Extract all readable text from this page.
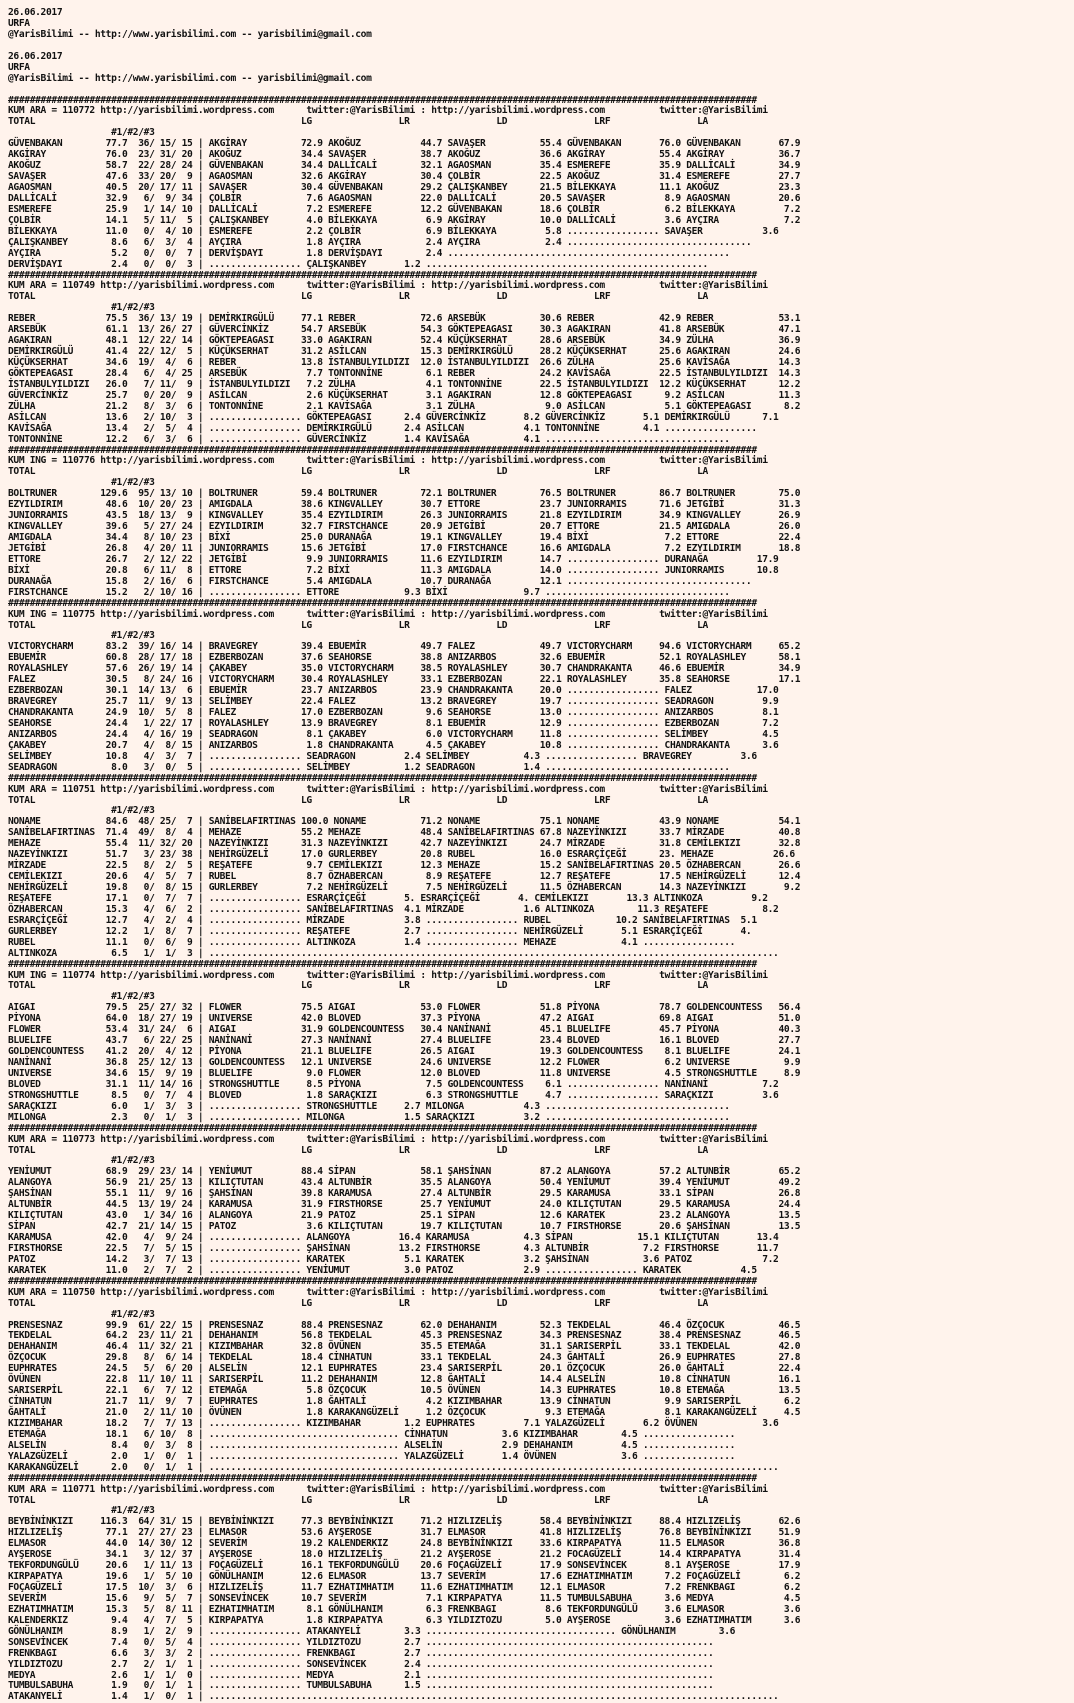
26.06.2017
URFA
@YarisBilimi -- http://www.yarisbilimi.com -- yarisbilimi@gmail.com
26.06.2017
URFA
@YarisBilimi -- http://www.yarisbilimi.com -- yarisbilimi@gmail.com
##########################################################################################################################################
KUM ARA = 110772 http://yarisbilimi.wordpress.com      twitter:@YarisBilimi : http://yarisbilimi.wordpress.com          twitter:@YarisBilimi
TOTAL                                                 LG                LR                LD                LRF                LA
#1/#2/#3
GÜVENBAKAN        77.7  36/ 15/ 15 | AKGİRAY          72.9 AKOĞUZ           44.7 SAVAŞER          55.4 GÜVENBAKAN       76.0 GÜVENBAKAN       67.9
AKGİRAY           76.0  23/ 31/ 20 | AKOĞUZ           34.4 SAVAŞER          38.7 AKOĞUZ           36.6 AKGİRAY          55.4 AKGİRAY          36.7
AKOĞUZ            58.7  22/ 28/ 24 | GÜVENBAKAN       34.4 DALLİCALİ        32.1 AGAOSMAN         35.4 ESMEREFE         35.9 DALLİCALİ        34.9
SAVAŞER           47.6  33/ 20/  9 | AGAOSMAN         32.6 AKGİRAY          30.4 ÇOLBİR           22.5 AKOĞUZ           31.4 ESMEREFE         27.7
AGAOSMAN          40.5  20/ 17/ 11 | SAVAŞER          30.4 GÜVENBAKAN       29.2 ÇALIŞKANBEY      21.5 BİLEKKAYA        11.1 AKOĞUZ           23.3
DALLİCALİ         32.9   6/  9/ 34 | ÇOLBİR            7.6 AGAOSMAN         22.0 DALLİCALİ        20.5 SAVAŞER           8.9 AGAOSMAN         20.6
ESMEREFE          25.9   1/ 14/ 10 | DALLİCALİ         7.2 ESMEREFE         12.2 GÜVENBAKAN       18.6 ÇOLBİR            6.2 BİLEKKAYA         7.2
ÇOLBİR            14.1   5/ 11/  5 | ÇALIŞKANBEY       4.0 BİLEKKAYA         6.9 AKGİRAY          10.0 DALLİCALİ         3.6 AYÇIRA            7.2
BİLEKKAYA         11.0   0/  4/ 10 | ESMEREFE          2.2 ÇOLBİR            6.9 BİLEKKAYA         5.8 ................. SAVAŞER           3.6
ÇALIŞKANBEY        8.6   6/  3/  4 | AYÇIRA            1.8 AYÇIRA            2.4 AYÇIRA            2.4 ..................................
AYÇIRA             5.2   0/  0/  7 | DERVİŞDAYI        1.8 DERVİŞDAYI        2.4 ....................................................
DERVİŞDAYI         2.4   0/  0/  3 | ................. ÇALIŞKANBEY       1.2 ....................................................
##########################################################################################################################################
KUM ARA = 110749 http://yarisbilimi.wordpress.com      twitter:@YarisBilimi : http://yarisbilimi.wordpress.com          twitter:@YarisBilimi
TOTAL                                                 LG                LR                LD                LRF                LA
#1/#2/#3
REBER             75.5  36/ 13/ 19 | DEMİRKIRGÜLÜ     77.1 REBER            72.6 ARSEBÜK          30.6 REBER            42.9 REBER            53.1
ARSEBÜK           61.1  13/ 26/ 27 | GÜVERCİNKİZ      54.7 ARSEBÜK          54.3 GÖKTEPEAGASI     30.3 AGAKIRAN         41.8 ARSEBÜK          47.1
AGAKIRAN          48.1  12/ 22/ 14 | GÖKTEPEAGASI     33.0 AGAKIRAN         52.4 KÜÇÜKSERHAT      28.6 ARSEBÜK          34.9 ZÜLHA            36.9
DEMİRKIRGÜLÜ      41.4  22/ 12/  5 | KÜÇÜKSERHAT      31.2 ASİLCAN          15.3 DEMİRKIRGÜLÜ     28.2 KÜÇÜKSERHAT      25.6 AGAKIRAN         24.6
KÜÇÜKSERHAT       34.6  19/  4/  6 | REBER            13.8 İSTANBULYILDIZI  12.0 İSTANBULYILDIZI  26.6 ZÜLHA            25.6 KAVİSAĞA         14.3
GÖKTEPEAGASI      28.4   6/  4/ 25 | ARSEBÜK           7.7 TONTONNİNE        6.1 REBER            24.2 KAVİSAĞA         22.5 İSTANBULYILDIZI  14.3
İSTANBULYILDIZI   26.0   7/ 11/  9 | İSTANBULYILDIZI   7.2 ZÜLHA             4.1 TONTONNİNE       22.5 İSTANBULYILDIZI  12.2 KÜÇÜKSERHAT      12.2
GÜVERCİNKİZ       25.7   0/ 20/  9 | ASİLCAN           2.6 KÜÇÜKSERHAT       3.1 AGAKIRAN         12.8 GÖKTEPEAGASI      9.2 ASİLCAN          11.3
ZÜLHA             21.2   8/  3/  6 | TONTONNİNE        2.1 KAVİSAĞA          3.1 ZÜLHA             9.0 ASİLCAN           5.1 GÖKTEPEAGASI      8.2
ASİLCAN           13.6   2/ 10/  3 | ................. GÖKTEPEAGASI      2.4 GÜVERCİNKİZ       8.2 GÜVERCİNKİZ       5.1 DEMİRKIRGÜLÜ      7.1
KAVİSAĞA          13.4   2/  5/  4 | ................. DEMİRKIRGÜLÜ      2.4 ASİLCAN           4.1 TONTONNİNE        4.1 .................
TONTONNİNE        12.2   6/  3/  6 | ................. GÜVERCİNKİZ       1.4 KAVİSAĞA          4.1 ..................................
##########################################################################################################################################
KUM ING = 110776 http://yarisbilimi.wordpress.com      twitter:@YarisBilimi : http://yarisbilimi.wordpress.com          twitter:@YarisBilimi
TOTAL                                                 LG                LR                LD                LRF                LA
#1/#2/#3
BOLTRUNER        129.6  95/ 13/ 10 | BOLTRUNER        59.4 BOLTRUNER        72.1 BOLTRUNER        76.5 BOLTRUNER        86.7 BOLTRUNER        75.0
EZYILDIRIM        48.6  10/ 20/ 23 | AMIGDALA         38.6 KINGVALLEY       30.7 ETTORE           23.7 JUNIORRAMIS      71.6 JETGİBİ          31.3
JUNIORRAMIS       43.5  18/ 13/  9 | KINGVALLEY       35.4 EZYILDIRIM       26.3 JUNIORRAMIS      21.8 EZYILDIRIM       34.9 KINGVALLEY       26.9
KINGVALLEY        39.6   5/ 27/ 24 | EZYILDIRIM       32.7 FIRSTCHANCE      20.9 JETGİBİ          20.7 ETTORE           21.5 AMIGDALA         26.0
AMIGDALA          34.4   8/ 10/ 23 | BİXİ             25.0 DURANAĞA         19.1 KINGVALLEY       19.4 BİXİ              7.2 ETTORE           22.4
JETGİBİ           26.8   4/ 20/ 11 | JUNIORRAMIS      15.6 JETGİBİ          17.0 FIRSTCHANCE      16.6 AMIGDALA          7.2 EZYILDIRIM       18.8
ETTORE            26.7   2/ 12/ 22 | JETGİBİ           9.9 JUNIORRAMIS      11.6 EZYILDIRIM       14.7 ................. DURANAĞA         17.9
BİXİ              20.8   6/ 11/  8 | ETTORE            7.2 BİXİ             11.3 AMIGDALA         14.0 ................. JUNIORRAMIS      10.8
DURANAĞA          15.8   2/ 16/  6 | FIRSTCHANCE       5.4 AMIGDALA         10.7 DURANAĞA         12.1 ..................................
FIRSTCHANCE       15.2   2/ 10/ 16 | ................. ETTORE            9.3 BİXİ              9.7 ..................................
##########################################################################################################################################
KUM ING = 110775 http://yarisbilimi.wordpress.com      twitter:@YarisBilimi : http://yarisbilimi.wordpress.com          twitter:@YarisBilimi
TOTAL                                                 LG                LR                LD                LRF                LA
#1/#2/#3
VICTORYCHARM      83.2  39/ 16/ 14 | BRAVEGREY        39.4 EBUEMİR          49.7 FALEZ            49.7 VICTORYCHARM     94.6 VICTORYCHARM     65.2
EBUEMİR           60.8  28/ 17/ 18 | EZBERBOZAN       37.6 SEAHORSE         38.8 ANIZARBOS        32.6 EBUEMİR          52.1 ROYALASHLEY      58.1
ROYALASHLEY       57.6  26/ 19/ 14 | ÇAKABEY          35.0 VICTORYCHARM     38.5 ROYALASHLEY      30.7 CHANDRAKANTA     46.6 EBUEMİR          34.9
FALEZ             30.5   8/ 24/ 16 | VICTORYCHARM     30.4 ROYALASHLEY      33.1 EZBERBOZAN       22.1 ROYALASHLEY      35.8 SEAHORSE         17.1
EZBERBOZAN        30.1  14/ 13/  6 | EBUEMİR          23.7 ANIZARBOS        23.9 CHANDRAKANTA     20.0 ................. FALEZ            17.0
BRAVEGREY         25.7  11/  9/ 13 | SELİMBEY         22.4 FALEZ            13.2 BRAVEGREY        19.7 ................. SEADRAGON         9.9
CHANDRAKANTA      24.9  10/  5/  8 | FALEZ            17.0 EZBERBOZAN        9.6 SEAHORSE         13.0 ................. ANIZARBOS         8.1
SEAHORSE          24.4   1/ 22/ 17 | ROYALASHLEY      13.9 BRAVEGREY         8.1 EBUEMİR          12.9 ................. EZBERBOZAN        7.2
ANIZARBOS         24.4   4/ 16/ 19 | SEADRAGON         8.1 ÇAKABEY           6.0 VICTORYCHARM     11.8 ................. SELİMBEY          4.5
ÇAKABEY           20.7   4/  8/ 15 | ANIZARBOS         1.8 CHANDRAKANTA      4.5 ÇAKABEY          10.8 ................. CHANDRAKANTA      3.6
SELİMBEY          10.8   4/  3/  7 | ................. SEADRAGON         2.4 SELİMBEY          4.3 ................. BRAVEGREY         3.6
SEADRAGON          8.0   3/  0/  5 | ................. SELİMBEY          1.2 SEADRAGON         1.4 ..................................
##########################################################################################################################################
KUM ARA = 110751 http://yarisbilimi.wordpress.com      twitter:@YarisBilimi : http://yarisbilimi.wordpress.com          twitter:@YarisBilimi
TOTAL                                                 LG                LR                LD                LRF                LA
#1/#2/#3
NONAME            84.6  48/ 25/  7 | SANİBELAFIRTINAS 100.0 NONAME          71.2 NONAME           75.1 NONAME           43.9 NONAME           54.1
SANİBELAFIRTINAS  71.4  49/  8/  4 | MEHAZE           55.2 MEHAZE           48.4 SANİBELAFIRTINAS 67.8 NAZEYİNKIZI      33.7 MİRZADE          40.8
MEHAZE            55.4  11/ 32/ 20 | NAZEYİNKIZI      31.3 NAZEYİNKIZI      42.7 NAZEYİNKIZI      24.7 MİRZADE          31.8 CEMİLEKIZI       32.8
NAZEYİNKIZI       51.7   3/ 23/ 38 | NEHİRGÜZELİ      17.0 GURLERBEY        20.8 RUBEL            16.0 ESRARÇİÇEĞİ      23. MEHAZE           26.6
MİRZADE           22.5   8/  2/  5 | REŞATEFE          9.7 CEMİLEKIZI       12.3 MEHAZE           15.2 SANİBELAFIRTINAS 20.5 ÖZHABERCAN       26.6
CEMİLEKIZI        20.6   4/  5/  7 | RUBEL             8.7 ÖZHABERCAN        8.9 REŞATEFE         12.7 REŞATEFE         17.5 NEHİRGÜZELİ      12.4
NEHİRGÜZELİ       19.8   0/  8/ 15 | GURLERBEY         7.2 NEHİRGÜZELİ       7.5 NEHİRGÜZELİ      11.5 ÖZHABERCAN       14.3 NAZEYİNKIZI       9.2
REŞATEFE          17.1   0/  7/  7 | ................. ESRARÇİÇEĞİ       5. ESRARÇİÇEĞİ       4. CEMİLEKIZI       13.3 ALTINKOZA         9.2
ÖZHABERCAN        15.3   4/  6/  2 | ................. SANİBELAFIRTINAS  4.1 MİRZADE           1.6 ALTINKOZA        11.3 REŞATEFE          8.2
ESRARÇİÇEĞİ       12.7   4/  2/  4 | ................. MİRZADE           3.8 ................. RUBEL            10.2 SANİBELAFIRTINAS  5.1
GURLERBEY         12.2   1/  8/  7 | ................. REŞATEFE          2.7 ................. NEHİRGÜZELİ       5.1 ESRARÇİÇEĞİ       4.
RUBEL             11.1   0/  6/  9 | ................. ALTINKOZA         1.4 ................. MEHAZE            4.1 .................
ALTINKOZA          6.5   1/  1/  3 | .........................................................................................................
##########################################################################################################################################
KUM ING = 110774 http://yarisbilimi.wordpress.com      twitter:@YarisBilimi : http://yarisbilimi.wordpress.com          twitter:@YarisBilimi
TOTAL                                                 LG                LR                LD                LRF                LA
#1/#2/#3
AIGAI             79.5  25/ 27/ 32 | FLOWER           75.5 AIGAI            53.0 FLOWER           51.8 PİYONA           78.7 GOLDENCOUNTESS   56.4
PİYONA            64.0  18/ 27/ 19 | UNIVERSE         42.0 BLOVED           37.3 PİYONA           47.2 AIGAI            69.8 AIGAI            51.0
FLOWER            53.4  31/ 24/  6 | AIGAI            31.9 GOLDENCOUNTESS   30.4 NANİNANİ         45.1 BLUELIFE         45.7 PİYONA           40.3
BLUELIFE          43.7   6/ 22/ 25 | NANİNANİ         27.3 NANİNANİ         27.4 BLUELIFE         23.4 BLOVED           16.1 BLOVED           27.7
GOLDENCOUNTESS    41.2  20/  4/ 12 | PİYONA           21.1 BLUELIFE         26.5 AIGAI            19.3 GOLDENCOUNTESS    8.1 BLUELIFE         24.1
NANİNANİ          36.8  25/ 12/ 13 | GOLDENCOUNTESS   12.1 UNIVERSE         24.6 UNIVERSE         12.2 FLOWER            6.2 UNIVERSE          9.9
UNIVERSE          34.6  15/  9/ 19 | BLUELIFE          9.0 FLOWER           12.0 BLOVED           11.8 UNIVERSE          4.5 STRONGSHUTTLE     8.9
BLOVED            31.1  11/ 14/ 16 | STRONGSHUTTLE     8.5 PİYONA            7.5 GOLDENCOUNTESS    6.1 ................. NANİNANİ          7.2
STRONGSHUTTLE      8.5   0/  7/  4 | BLOVED            1.8 SARAÇKIZI         6.3 STRONGSHUTTLE     4.7 ................. SARAÇKIZI         3.6
SARAÇKIZI          6.0   1/  3/  3 | ................. STRONGSHUTTLE     2.7 MILONGA           4.3 ..................................
MILONGA            2.3   0/  1/  3 | ................. MILONGA           1.5 SARAÇKIZI         3.2 ..................................
##########################################################################################################################################
KUM ARA = 110773 http://yarisbilimi.wordpress.com      twitter:@YarisBilimi : http://yarisbilimi.wordpress.com          twitter:@YarisBilimi
TOTAL                                                 LG                LR                LD                LRF                LA
#1/#2/#3
YENİUMUT          68.9  29/ 23/ 14 | YENİUMUT         88.4 SİPAN            58.1 ŞAHSİNAN         87.2 ALANGOYA         57.2 ALTUNBİR         65.2
ALANGOYA          56.9  21/ 25/ 13 | KILIÇTUTAN       43.4 ALTUNBİR         35.5 ALANGOYA         50.4 YENİUMUT         39.4 YENİUMUT         49.2
ŞAHSİNAN          55.1  11/  9/ 16 | ŞAHSİNAN         39.8 KARAMUSA         27.4 ALTUNBİR         29.5 KARAMUSA         33.1 SİPAN            26.8
ALTUNBİR          44.5  13/ 19/ 24 | KARAMUSA         31.9 FIRSTHORSE       25.7 YENİUMUT         24.0 KILIÇTUTAN       29.5 KARAMUSA         24.4
KILIÇTUTAN        43.0   1/ 34/ 16 | ALANGOYA         21.9 PATOZ            25.1 SİPAN            12.6 KARATEK          23.2 ALANGOYA         13.5
SİPAN             42.7  21/ 14/ 15 | PATOZ             3.6 KILIÇTUTAN       19.7 KILIÇTUTAN       10.7 FIRSTHORSE       20.6 ŞAHSİNAN         13.5
KARAMUSA          42.0   4/  9/ 24 | ................. ALANGOYA         16.4 KARAMUSA          4.3 SİPAN            15.1 KILIÇTUTAN       13.4
FIRSTHORSE        22.5   7/  5/ 15 | ................. ŞAHSİNAN         13.2 FIRSTHORSE        4.3 ALTUNBİR          7.2 FIRSTHORSE       11.7
PATOZ             14.2   3/  7/ 13 | ................. KARATEK           5.1 KARATEK           3.2 ŞAHSİNAN          3.6 PATOZ             7.2
KARATEK           11.0   2/  7/  2 | ................. YENİUMUT          3.0 PATOZ             2.9 ................. KARATEK           4.5
##########################################################################################################################################
KUM ARA = 110750 http://yarisbilimi.wordpress.com      twitter:@YarisBilimi : http://yarisbilimi.wordpress.com          twitter:@YarisBilimi
TOTAL                                                 LG                LR                LD                LRF                LA
#1/#2/#3
PRENSESNAZ        99.9  61/ 22/ 15 | PRENSESNAZ       88.4 PRENSESNAZ       62.0 DEHAHANIM        52.3 TEKDELAL         46.4 ÖZÇOCUK          46.5
TEKDELAL          64.2  23/ 11/ 21 | DEHAHANIM        56.8 TEKDELAL         45.3 PRENSESNAZ       34.3 PRENSESNAZ       38.4 PRENSESNAZ       46.5
DEHAHANIM         46.4  11/ 32/ 21 | KIZIMBAHAR       32.8 ÖVÜNEN           35.5 ETEMAĞA          31.1 SARISERPİL       33.1 TEKDELAL         42.0
ÖZÇOCUK           29.8   8/  6/ 14 | TEKDELAL         18.4 CİNHATUN         33.1 TEKDELAL         24.3 ĞAHTALİ          26.9 EUPHRATES        27.8
EUPHRATES         24.5   5/  6/ 20 | ALSELİN          12.1 EUPHRATES        23.4 SARISERPİL       20.1 ÖZÇOCUK          26.0 ĞAHTALİ          22.4
ÖVÜNEN            22.8  11/ 10/ 11 | SARISERPİL       11.2 DEHAHANIM        12.8 ĞAHTALİ          14.4 ALSELİN          10.8 CİNHATUN         16.1
SARISERPİL        22.1   6/  7/ 12 | ETEMAĞA           5.8 ÖZÇOCUK          10.5 ÖVÜNEN           14.3 EUPHRATES        10.8 ETEMAĞA          13.5
CİNHATUN          21.7  11/  9/  7 | EUPHRATES         1.8 ĞAHTALİ           4.2 KIZIMBAHAR       13.9 CİNHATUN          9.9 SARISERPİL        6.2
ĞAHTALİ           21.0   2/ 11/ 10 | ÖVÜNEN            1.8 KARAKANGÜZELİ     1.2 ÖZÇOCUK           9.3 ETEMAĞA           8.1 KARAKANGÜZELİ     4.5
KIZIMBAHAR        18.2   7/  7/ 13 | ................. KIZIMBAHAR        1.2 EUPHRATES         7.1 YALAZGÜZELİ       6.2 ÖVÜNEN            3.6
ETEMAĞA           18.1   6/ 10/  8 | ................................... CİNHATUN          3.6 KIZIMBAHAR        4.5 .................
ALSELİN            8.4   0/  3/  8 | ................................... ALSELİN           2.9 DEHAHANIM         4.5 .................
YALAZGÜZELİ        2.0   1/  0/  1 | ................................... YALAZGÜZELİ       1.4 ÖVÜNEN            3.6 .................
KARAKANGÜZELİ      2.0   0/  1/  1 | .........................................................................................................
##########################################################################################################################################
KUM ARA = 110771 http://yarisbilimi.wordpress.com      twitter:@YarisBilimi : http://yarisbilimi.wordpress.com          twitter:@YarisBilimi
TOTAL                                                 LG                LR                LD                LRF                LA
#1/#2/#3
BEYBİNİNKIZI     116.3  64/ 31/ 15 | BEYBİNİNKIZI     77.3 BEYBİNİNKIZI     71.2 HIZLIZELİŞ       58.4 BEYBİNİNKIZI     88.4 HIZLIZELİŞ       62.6
HIZLIZELİŞ        77.1  27/ 27/ 23 | ELMASOR          53.6 AYŞEROSE         31.7 ELMASOR          41.8 HIZLIZELİŞ       76.8 BEYBİNİNKIZI     51.9
ELMASOR           44.0  14/ 30/ 12 | SEVERİM          19.2 KALENDERKIZ      24.8 BEYBİNİNKIZI     33.6 KIRPAPATYA       11.5 ELMASOR          36.8
AYŞEROSE          34.1   3/ 12/ 37 | AYŞEROSE         18.0 HIZLIZELİŞ       21.2 AYŞEROSE         21.2 FOCAGÜZELİ       14.4 KIRPAPATYA       31.4
TEKFORDUNGÜLÜ     20.6   1/ 11/ 13 | FOÇAGÜZELİ       16.1 TEKFORDUNGÜLÜ    20.6 FOÇAGÜZELİ       17.9 SONSEVİNCEK       8.1 AYŞEROSE         17.9
KIRPAPATYA        19.6   1/  5/ 10 | GÖNÜLHANIM       12.6 ELMASOR          13.7 SEVERİM          17.6 EZHATIMHATIM      7.2 FOÇAGÜZELİ        6.2
FOÇAGÜZELİ        17.5  10/  3/  6 | HIZLIZELİŞ       11.7 EZHATIMHATIM     11.6 EZHATIMHATIM     12.1 ELMASOR           7.2 FRENKBAGI         6.2
SEVERİM           15.6   9/  5/  7 | SONSEVİNCEK      10.7 SEVERİM           7.1 KIRPAPATYA       11.5 TUMBULSABUHA      3.6 MEDYA             4.5
EZHATIMHATIM      15.3   5/  8/ 11 | EZHATIMHATIM      8.1 GÖNÜLHANIM        6.3 FRENKBAGI         8.6 TEKFORDUNGÜLÜ     3.6 ELMASOR           3.6
KALENDERKIZ        9.4   4/  7/  5 | KIRPAPATYA        1.8 KIRPAPATYA        6.3 YILDIZTOZU        5.0 AYŞEROSE          3.6 EZHATIMHATIM      3.6
GÖNÜLHANIM         8.9   1/  2/  9 | ................. ATAKANYELİ        3.3 ................................... GÖNÜLHANIM        3.6
SONSEVİNCEK        7.4   0/  5/  4 | ................. YILDIZTOZU        2.7 .....................................................
FRENKBAGI          6.6   3/  3/  2 | ................. FRENKBAGI         2.7 .....................................................
YILDIZTOZU         2.7   2/  1/  1 | ................. SONSEVİNCEK       2.4 .....................................................
MEDYA              2.6   1/  1/  0 | ................. MEDYA             2.1 .....................................................
TUMBULSABUHA       1.9   0/  1/  1 | ................. TUMBULSABUHA      1.5 .....................................................
ATAKANYELİ         1.4   1/  0/  1 | .........................................................................................................
